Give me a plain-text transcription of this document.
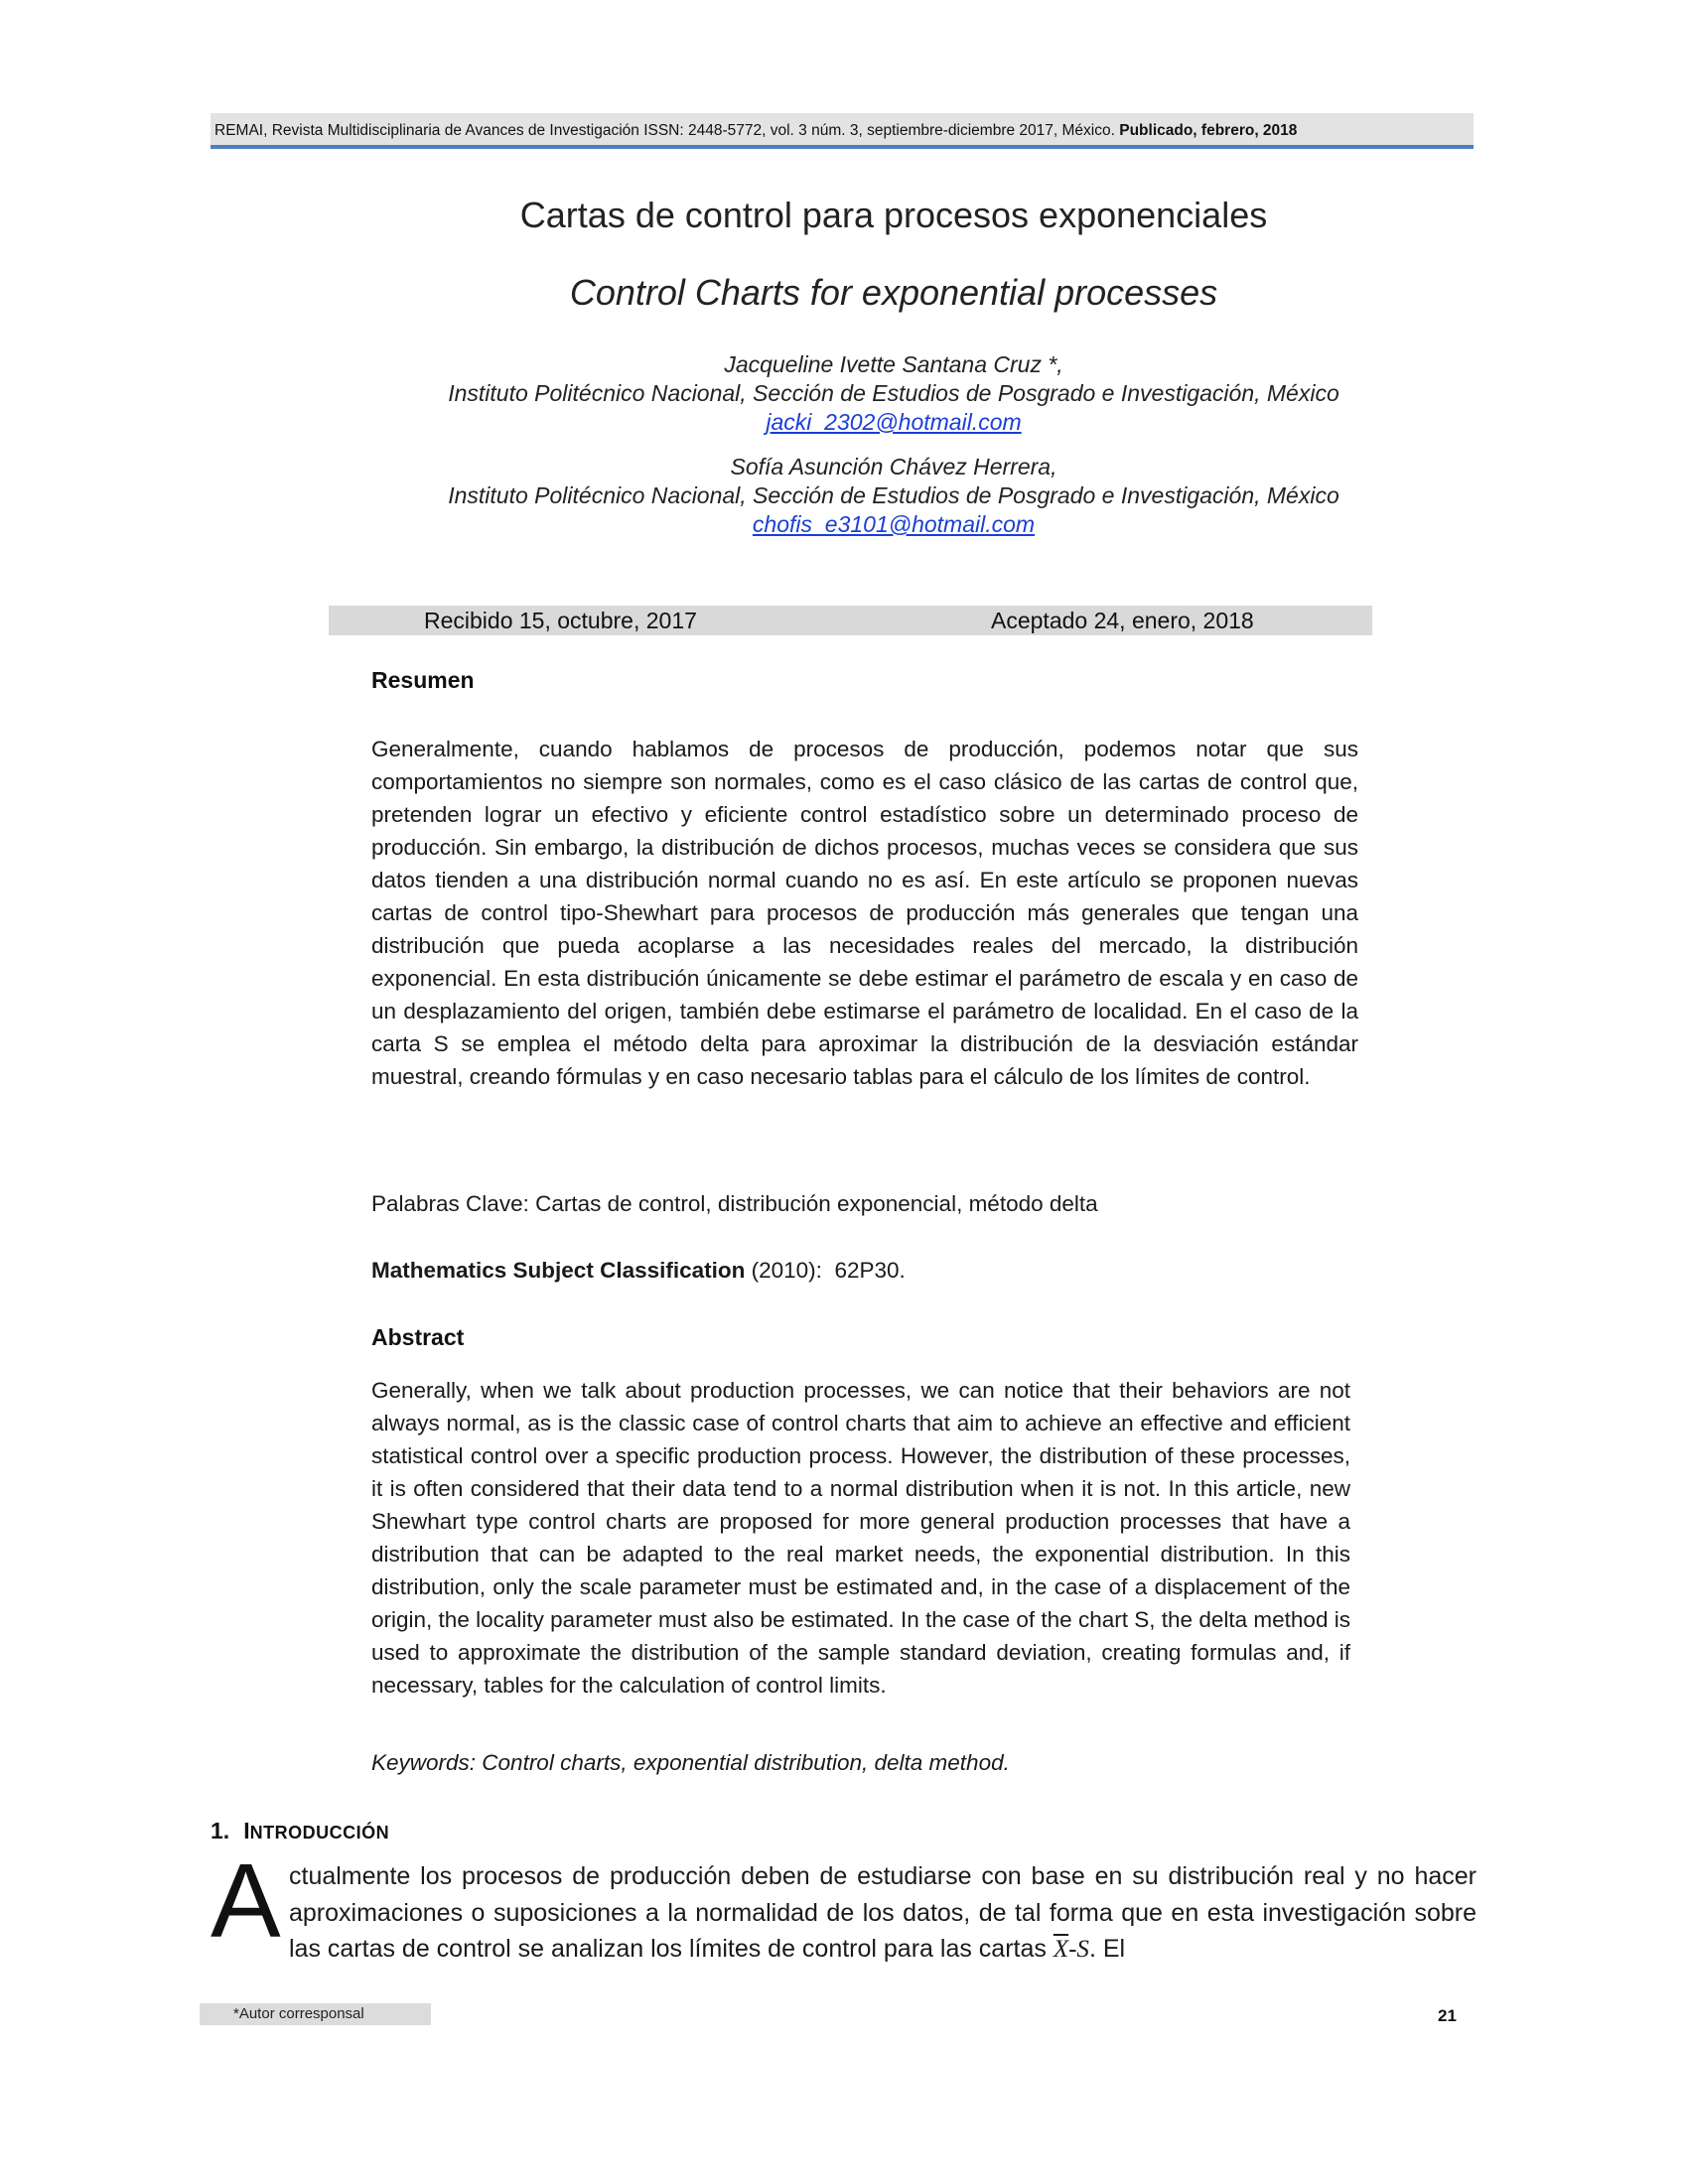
REMAI, Revista Multidisciplinaria de Avances de Investigación ISSN: 2448-5772, vol. 3 núm. 3, septiembre-diciembre 2017, México. Publicado, febrero, 2018
Cartas de control para procesos exponenciales
Control Charts for exponential processes
Jacqueline Ivette Santana Cruz *,
Instituto Politécnico Nacional, Sección de Estudios de Posgrado e Investigación, México
jacki_2302@hotmail.com
Sofía Asunción Chávez Herrera,
Instituto Politécnico Nacional, Sección de Estudios de Posgrado e Investigación, México
chofis_e3101@hotmail.com
Recibido 15, octubre, 2017	Aceptado 24, enero, 2018
Resumen
Generalmente, cuando hablamos de procesos de producción, podemos notar que sus comportamientos no siempre son normales, como es el caso clásico de las cartas de control que, pretenden lograr un efectivo y eficiente control estadístico sobre un determinado proceso de producción. Sin embargo, la distribución de dichos procesos, muchas veces se considera que sus datos tienden a una distribución normal cuando no es así. En este artículo se proponen nuevas cartas de control tipo-Shewhart para procesos de producción más generales que tengan una distribución que pueda acoplarse a las necesidades reales del mercado, la distribución exponencial. En esta distribución únicamente se debe estimar el parámetro de escala y en caso de un desplazamiento del origen, también debe estimarse el parámetro de localidad. En el caso de la carta S se emplea el método delta para aproximar la distribución de la desviación estándar muestral, creando fórmulas y en caso necesario tablas para el cálculo de los límites de control.
Palabras Clave: Cartas de control, distribución exponencial, método delta
Mathematics Subject Classification (2010): 62P30.
Abstract
Generally, when we talk about production processes, we can notice that their behaviors are not always normal, as is the classic case of control charts that aim to achieve an effective and efficient statistical control over a specific production process. However, the distribution of these processes, it is often considered that their data tend to a normal distribution when it is not. In this article, new Shewhart type control charts are proposed for more general production processes that have a distribution that can be adapted to the real market needs, the exponential distribution. In this distribution, only the scale parameter must be estimated and, in the case of a displacement of the origin, the locality parameter must also be estimated. In the case of the chart S, the delta method is used to approximate the distribution of the sample standard deviation, creating formulas and, if necessary, tables for the calculation of control limits.
Keywords: Control charts, exponential distribution, delta method.
1. INTRODUCCIÓN
A ctualmente los procesos de producción deben de estudiarse con base en su distribución real y no hacer aproximaciones o suposiciones a la normalidad de los datos, de tal forma que en esta investigación sobre las cartas de control se analizan los límites de control para las cartas $\overline{X}-S$. El
*Autor corresponsal	21
